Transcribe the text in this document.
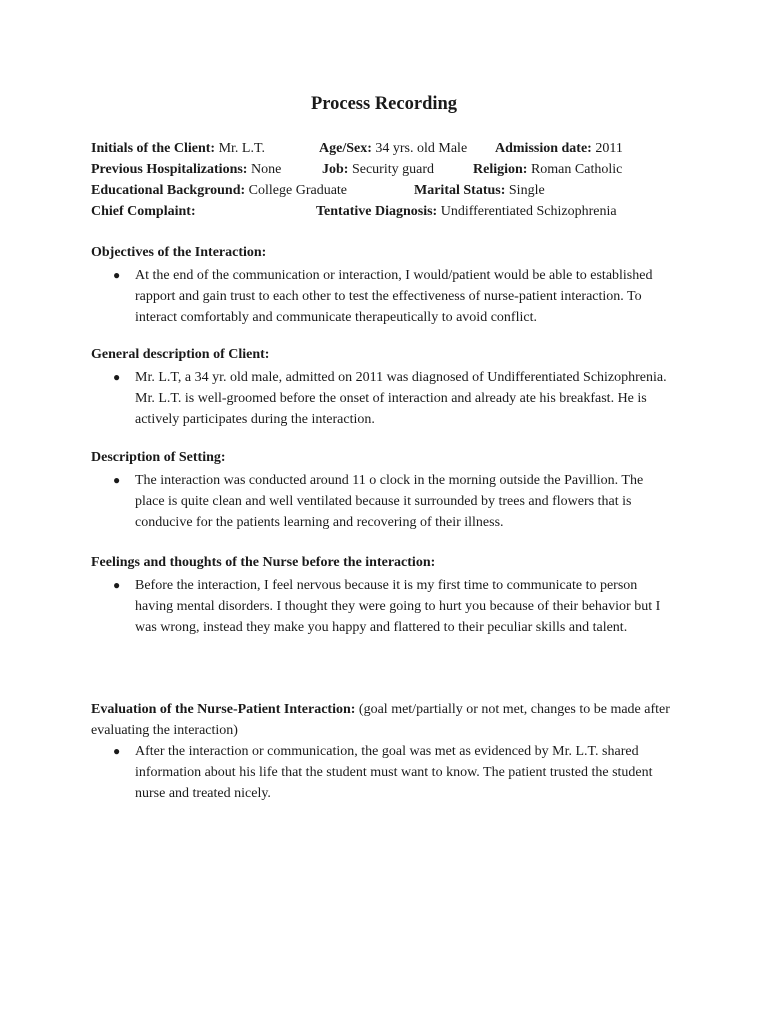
Process Recording
Initials of the Client: Mr. L.T.	Age/Sex: 34 yrs. old Male Admission date: 2011
Previous Hospitalizations: None	Job: Security guard	Religion: Roman Catholic
Educational Background: College Graduate	Marital Status: Single
Chief Complaint:	Tentative Diagnosis: Undifferentiated Schizophrenia
Objectives of the Interaction:
● At the end of the communication or interaction, I would/patient would be able to established rapport and gain trust to each other to test the effectiveness of nurse-patient interaction. To interact comfortably and communicate therapeutically to avoid conflict.
General description of Client:
● Mr. L.T, a 34 yr. old male, admitted on 2011 was diagnosed of Undifferentiated Schizophrenia. Mr. L.T. is well-groomed before the onset of interaction and already ate his breakfast. He is actively participates during the interaction.
Description of Setting:
● The interaction was conducted around 11 o clock in the morning outside the Pavillion. The place is quite clean and well ventilated because it surrounded by trees and flowers that is conducive for the patients learning and recovering of their illness.
Feelings and thoughts of the Nurse before the interaction:
● Before the interaction, I feel nervous because it is my first time to communicate to person having mental disorders. I thought they were going to hurt you because of their behavior but I was wrong, instead they make you happy and flattered to their peculiar skills and talent.
Evaluation of the Nurse-Patient Interaction: (goal met/partially or not met, changes to be made after evaluating the interaction)
● After the interaction or communication, the goal was met as evidenced by Mr. L.T. shared information about his life that the student must want to know. The patient trusted the student nurse and treated nicely.
